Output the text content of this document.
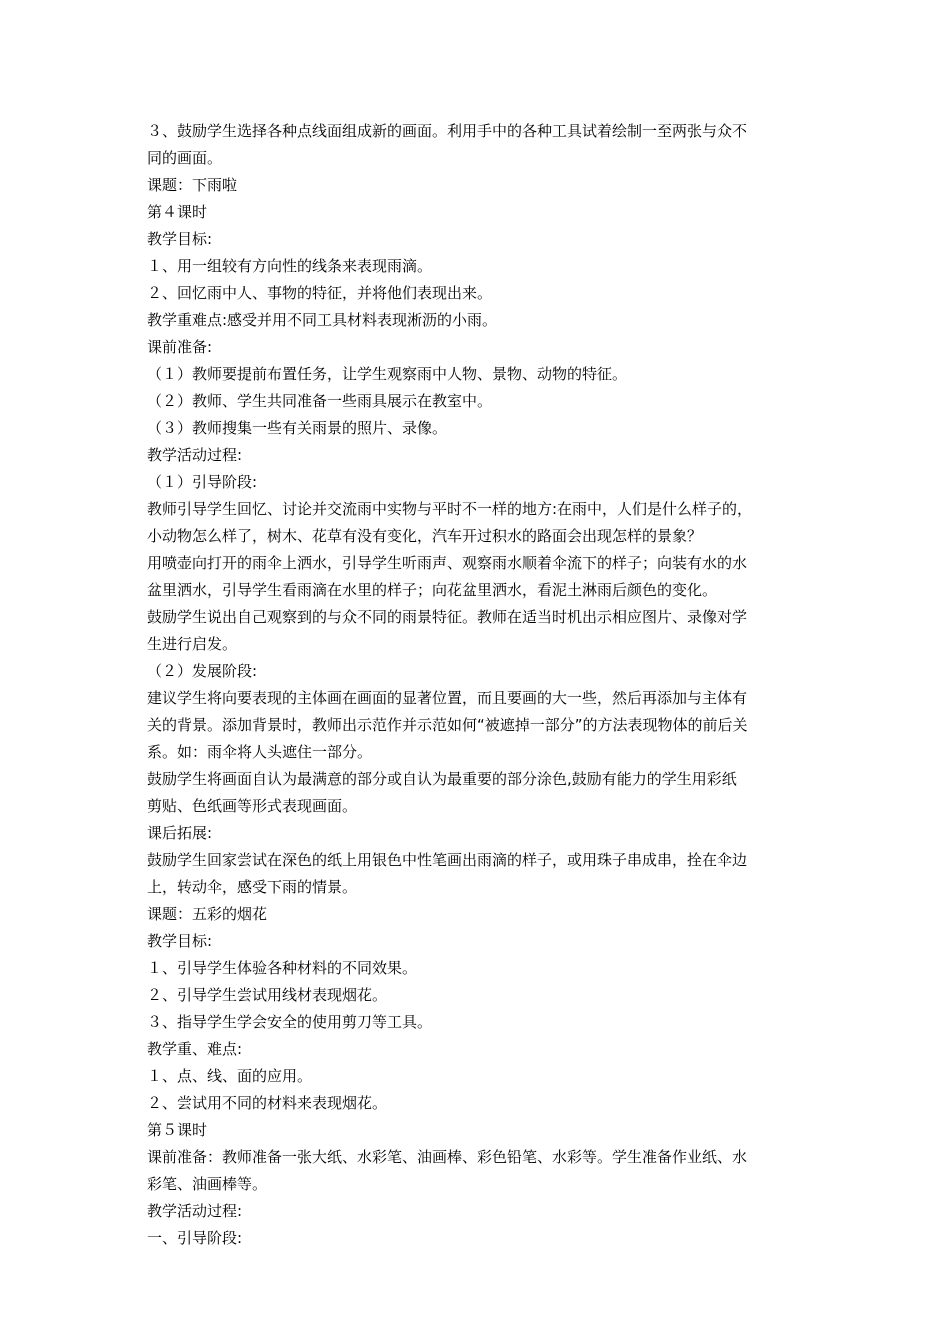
３、鼓励学生选择各种点线面组成新的画面。利用手中的各种工具试着绘制一至两张与众不
同的画面。
课题：下雨啦
第４课时
教学目标:
１、用一组较有方向性的线条来表现雨滴。
２、回忆雨中人、事物的特征，并将他们表现出来。
教学重难点:感受并用不同工具材料表现淅沥的小雨。
课前准备:
（１）教师要提前布置任务，让学生观察雨中人物、景物、动物的特征。
（２）教师、学生共同准备一些雨具展示在教室中。
（３）教师搜集一些有关雨景的照片、录像。
教学活动过程:
（１）引导阶段:
教师引导学生回忆、讨论并交流雨中实物与平时不一样的地方:在雨中，人们是什么样子的，
小动物怎么样了，树木、花草有没有变化，汽车开过积水的路面会出现怎样的景象？
用喷壶向打开的雨伞上洒水，引导学生听雨声、观察雨水顺着伞流下的样子；向装有水的水
盆里洒水，引导学生看雨滴在水里的样子；向花盆里洒水，看泥土淋雨后颜色的变化。
鼓励学生说出自己观察到的与众不同的雨景特征。教师在适当时机出示相应图片、录像对学
生进行启发。
（２）发展阶段:
建议学生将向要表现的主体画在画面的显著位置，而且要画的大一些，然后再添加与主体有
关的背景。添加背景时，教师出示范作并示范如何“被遮掉一部分”的方法表现物体的前后关
系。如：雨伞将人头遮住一部分。
鼓励学生将画面自认为最满意的部分或自认为最重要的部分涂色,鼓励有能力的学生用彩纸
剪贴、色纸画等形式表现画面。
课后拓展:
鼓励学生回家尝试在深色的纸上用银色中性笔画出雨滴的样子，或用珠子串成串，拴在伞边
上，转动伞，感受下雨的情景。
课题：五彩的烟花
教学目标:
１、引导学生体验各种材料的不同效果。
２、引导学生尝试用线材表现烟花。
３、指导学生学会安全的使用剪刀等工具。
教学重、难点:
１、点、线、面的应用。
２、尝试用不同的材料来表现烟花。
第５课时
课前准备：教师准备一张大纸、水彩笔、油画棒、彩色铅笔、水彩等。学生准备作业纸、水
彩笔、油画棒等。
教学活动过程:
一、引导阶段:
